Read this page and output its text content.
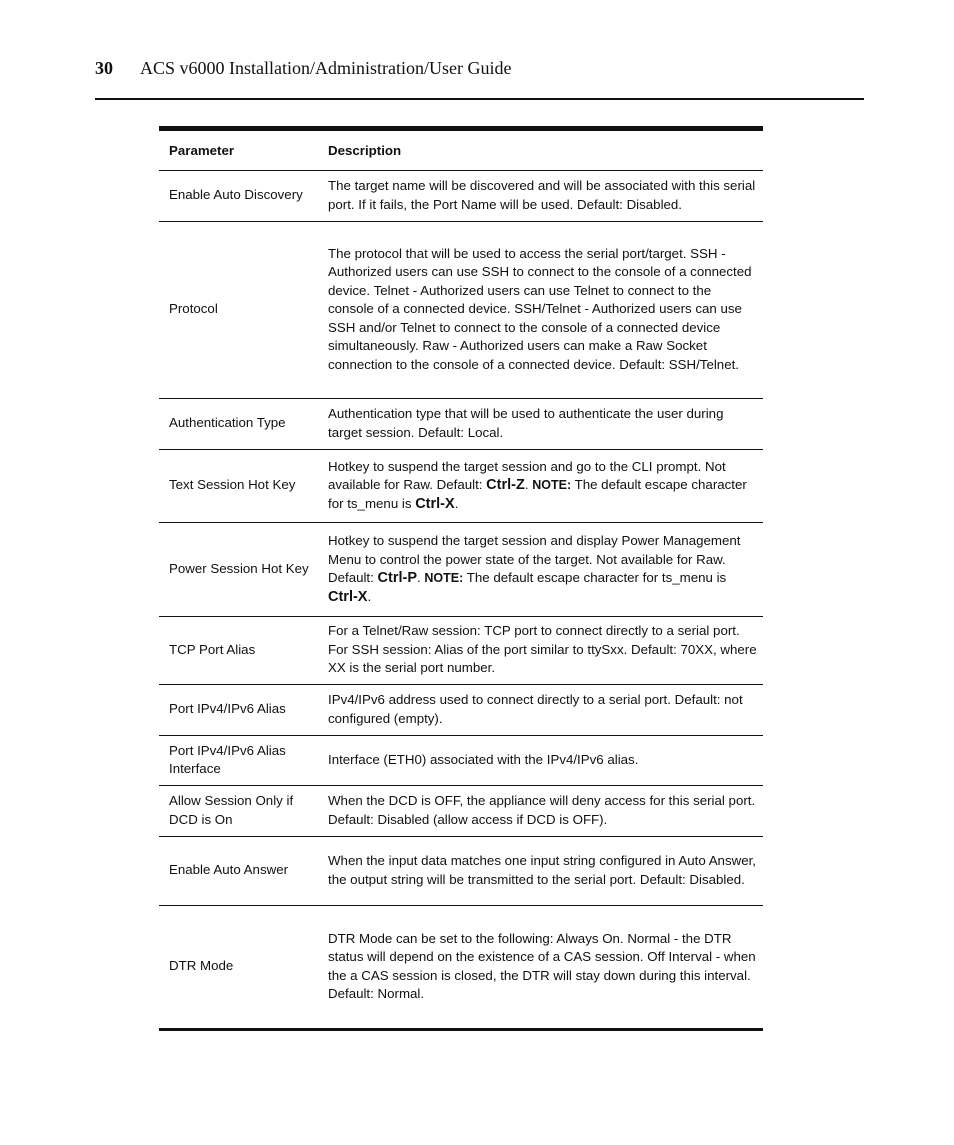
30 ACS v6000 Installation/Administration/User Guide
Parameter	Description
Enable Auto Discovery	The target name will be discovered and will be associated with this serial port. If it fails, the Port Name will be used. Default: Disabled.
Protocol	The protocol that will be used to access the serial port/target. SSH - Authorized users can use SSH to connect to the console of a connected device. Telnet - Authorized users can use Telnet to connect to the console of a connected device. SSH/Telnet - Authorized users can use SSH and/or Telnet to connect to the console of a connected device simultaneously. Raw - Authorized users can make a Raw Socket connection to the console of a connected device. Default: SSH/Telnet.
Authentication Type	Authentication type that will be used to authenticate the user during target session. Default: Local.
Text Session Hot Key	Hotkey to suspend the target session and go to the CLI prompt. Not available for Raw. Default: Ctrl-Z. NOTE: The default escape character for ts_menu is Ctrl-X.
Power Session Hot Key	Hotkey to suspend the target session and display Power Management Menu to control the power state of the target. Not available for Raw. Default: Ctrl-P. NOTE: The default escape character for ts_menu is Ctrl-X.
TCP Port Alias	For a Telnet/Raw session: TCP port to connect directly to a serial port. For SSH session: Alias of the port similar to ttySxx. Default: 70XX, where XX is the serial port number.
Port IPv4/IPv6 Alias	IPv4/IPv6 address used to connect directly to a serial port. Default: not configured (empty).
Port IPv4/IPv6 Alias Interface	Interface (ETH0) associated with the IPv4/IPv6 alias.
Allow Session Only if DCD is On	When the DCD is OFF, the appliance will deny access for this serial port. Default: Disabled (allow access if DCD is OFF).
Enable Auto Answer	When the input data matches one input string configured in Auto Answer, the output string will be transmitted to the serial port. Default: Disabled.
DTR Mode	DTR Mode can be set to the following: Always On. Normal - the DTR status will depend on the existence of a CAS session. Off Interval - when the a CAS session is closed, the DTR will stay down during this interval. Default: Normal.
